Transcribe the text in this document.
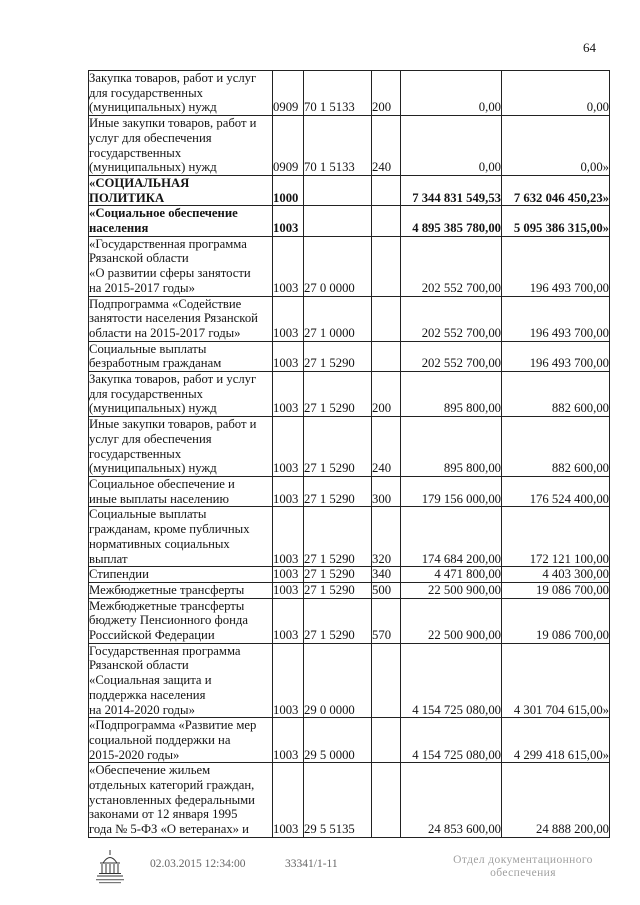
64
Закупка товаров, работ и услуг
для государственных
(муниципальных) нужд	0909	70 1 5133	200	0,00	0,00
Иные закупки товаров, работ и
услуг для обеспечения
государственных
(муниципальных) нужд	0909	70 1 5133	240	0,00	0,00»
«СОЦИАЛЬНАЯ
ПОЛИТИКА	1000			7 344 831 549,53	7 632 046 450,23»
«Социальное обеспечение
населения	1003			4 895 385 780,00	5 095 386 315,00»
«Государственная программа
Рязанской области
«О развитии сферы занятости
на 2015-2017 годы»	1003	27 0 0000		202 552 700,00	196 493 700,00
Подпрограмма «Содействие
занятости населения Рязанской
области на 2015-2017 годы»	1003	27 1 0000		202 552 700,00	196 493 700,00
Социальные выплаты
безработным гражданам	1003	27 1 5290		202 552 700,00	196 493 700,00
Закупка товаров, работ и услуг
для государственных
(муниципальных) нужд	1003	27 1 5290	200	895 800,00	882 600,00
Иные закупки товаров, работ и
услуг для обеспечения
государственных
(муниципальных) нужд	1003	27 1 5290	240	895 800,00	882 600,00
Социальное обеспечение и
иные выплаты населению	1003	27 1 5290	300	179 156 000,00	176 524 400,00
Социальные выплаты
гражданам, кроме публичных
нормативных социальных
выплат	1003	27 1 5290	320	174 684 200,00	172 121 100,00
Стипендии	1003	27 1 5290	340	4 471 800,00	4 403 300,00
Межбюджетные трансферты	1003	27 1 5290	500	22 500 900,00	19 086 700,00
Межбюджетные трансферты
бюджету Пенсионного фонда
Российской Федерации	1003	27 1 5290	570	22 500 900,00	19 086 700,00
Государственная программа
Рязанской области
«Социальная защита и
поддержка населения
на 2014-2020 годы»	1003	29 0 0000		4 154 725 080,00	4 301 704 615,00»
«Подпрограмма «Развитие мер
социальной поддержки на
2015-2020 годы»	1003	29 5 0000		4 154 725 080,00	4 299 418 615,00»
«Обеспечение жильем
отдельных категорий граждан,
установленных федеральными
законами от 12 января 1995
года № 5-ФЗ «О ветеранах» и	1003	29 5 5135		24 853 600,00	24 888 200,00
02.03.2015 12:34:00	33341/1-11	Отдел документационного
обеспечения
